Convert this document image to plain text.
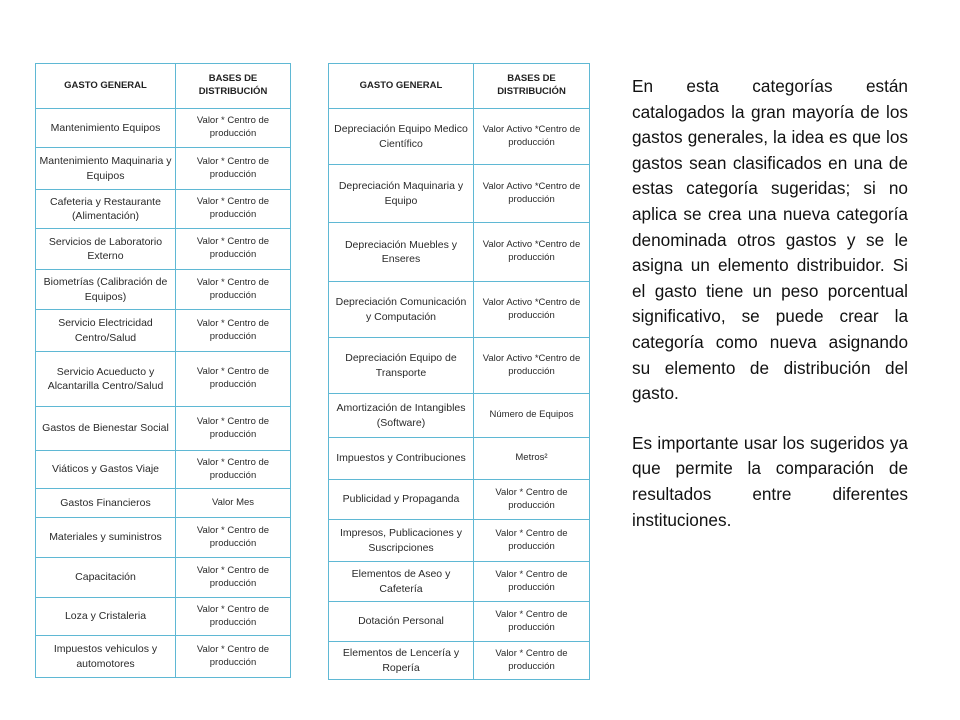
GASTO GENERAL	BASES DE DISTRIBUCIÓN
Mantenimiento Equipos	Valor * Centro de producción
Mantenimiento Maquinaria y Equipos	Valor * Centro de producción
Cafeteria y Restaurante (Alimentación)	Valor * Centro de producción
Servicios de Laboratorio Externo	Valor * Centro de producción
Biometrías (Calibración de Equipos)	Valor * Centro de producción
Servicio Electricidad Centro/Salud	Valor * Centro de producción
Servicio Acueducto y Alcantarilla Centro/Salud	Valor * Centro de producción
Gastos de Bienestar Social	Valor * Centro de producción
Viáticos y Gastos Viaje	Valor * Centro de producción
Gastos Financieros	Valor Mes
Materiales y suministros	Valor * Centro de producción
Capacitación	Valor * Centro de producción
Loza y Cristaleria	Valor * Centro de producción
Impuestos vehiculos y automotores	Valor * Centro de producción
GASTO GENERAL	BASES DE DISTRIBUCIÓN
Depreciación Equipo Medico Científico	Valor Activo *Centro de producción
Depreciación Maquinaria y Equipo	Valor Activo *Centro de producción
Depreciación Muebles y Enseres	Valor Activo *Centro de producción
Depreciación Comunicación y Computación	Valor Activo *Centro de producción
Depreciación Equipo de Transporte	Valor Activo *Centro de producción
Amortización de Intangibles (Software)	Número de Equipos
Impuestos y Contribuciones	Metros²
Publicidad y Propaganda	Valor * Centro de producción
Impresos, Publicaciones y Suscripciones	Valor * Centro de producción
Elementos de Aseo y Cafetería	Valor * Centro de producción
Dotación Personal	Valor * Centro de producción
Elementos de Lencería y Ropería	Valor * Centro de producción

En esta categorías están catalogados la gran mayoría de los gastos generales, la idea es que los gastos sean clasificados en una de estas categoría sugeridas; si no aplica se crea una nueva categoría denominada otros gastos y se le asigna un elemento distribuidor. Si el gasto tiene un peso porcentual significativo, se puede crear la categoría como nueva asignando su elemento de distribución del gasto.

Es importante usar los sugeridos ya que permite la comparación de resultados entre diferentes instituciones.
